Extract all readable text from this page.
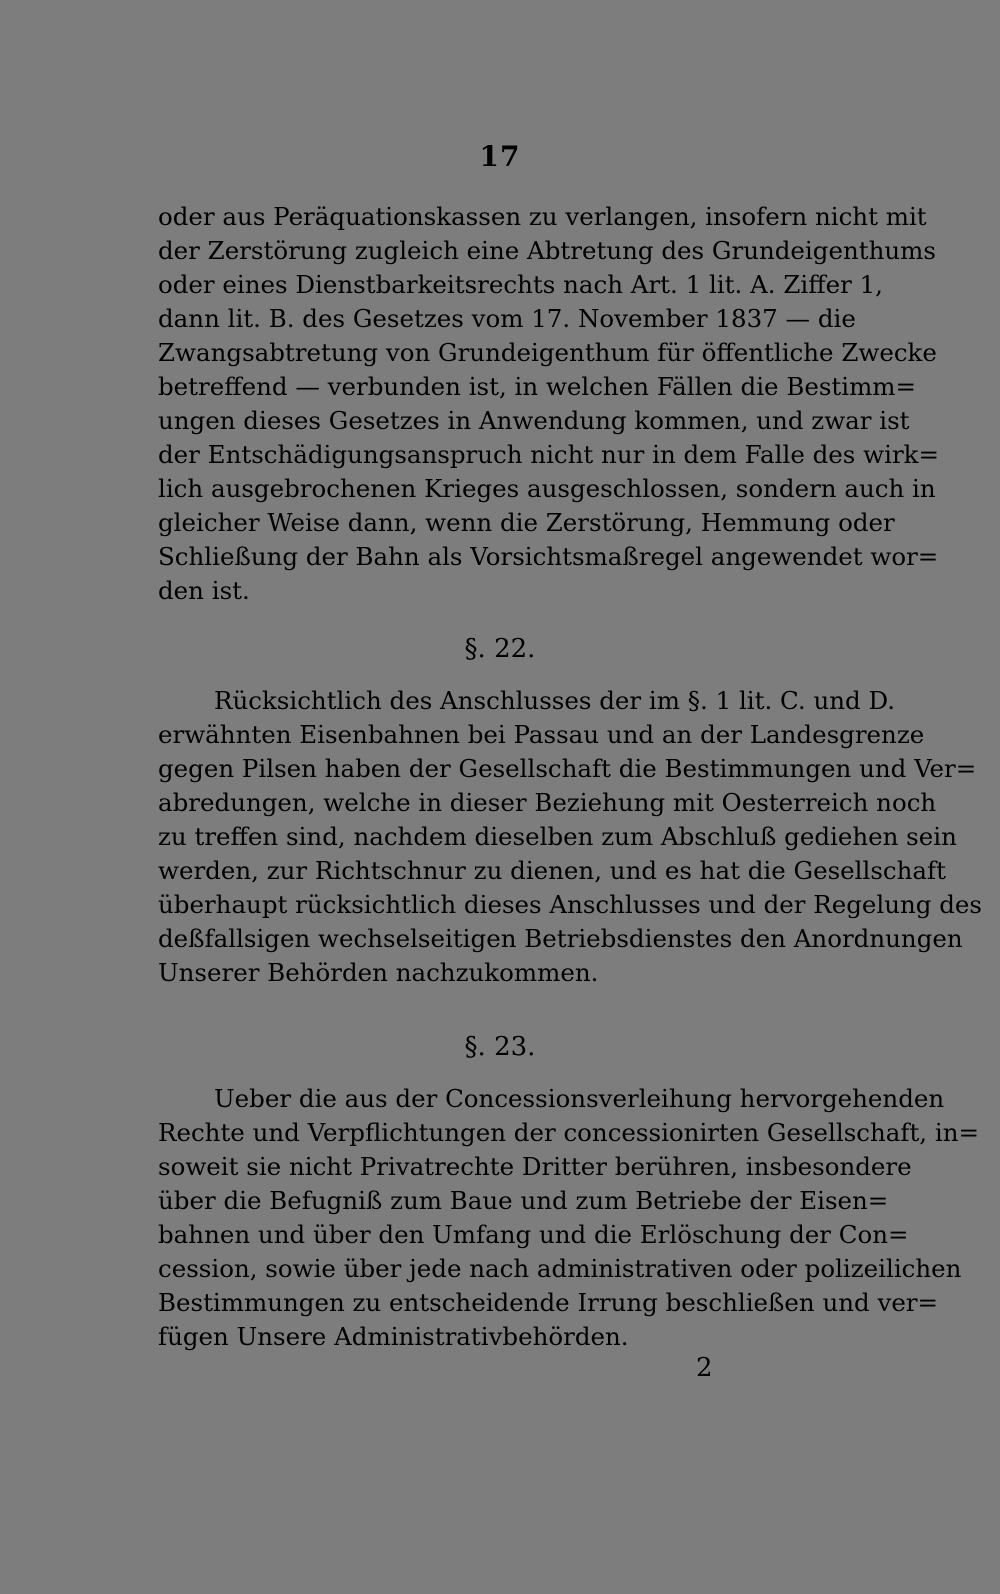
17
oder aus Peräquationskassen zu verlangen, insofern nicht mit
der Zerstörung zugleich eine Abtretung des Grundeigenthums
oder eines Dienstbarkeitsrechts nach Art. 1 lit. A. Ziffer 1,
dann lit. B. des Gesetzes vom 17. November 1837 — die
Zwangsabtretung von Grundeigenthum für öffentliche Zwecke
betreffend — verbunden ist, in welchen Fällen die Bestimm=
ungen dieses Gesetzes in Anwendung kommen, und zwar ist
der Entschädigungsanspruch nicht nur in dem Falle des wirk=
lich ausgebrochenen Krieges ausgeschlossen, sondern auch in
gleicher Weise dann, wenn die Zerstörung, Hemmung oder
Schließung der Bahn als Vorsichtsmaßregel angewendet wor=
den ist.
§. 22.
Rücksichtlich des Anschlusses der im §. 1 lit. C. und D.
erwähnten Eisenbahnen bei Passau und an der Landesgrenze
gegen Pilsen haben der Gesellschaft die Bestimmungen und Ver=
abredungen, welche in dieser Beziehung mit Oesterreich noch
zu treffen sind, nachdem dieselben zum Abschluß gediehen sein
werden, zur Richtschnur zu dienen, und es hat die Gesellschaft
überhaupt rücksichtlich dieses Anschlusses und der Regelung des
deßfallsigen wechselseitigen Betriebsdienstes den Anordnungen
Unserer Behörden nachzukommen.
§. 23.
Ueber die aus der Concessionsverleihung hervorgehenden
Rechte und Verpflichtungen der concessionirten Gesellschaft, in=
soweit sie nicht Privatrechte Dritter berühren, insbesondere
über die Befugniß zum Baue und zum Betriebe der Eisen=
bahnen und über den Umfang und die Erlöschung der Con=
cession, sowie über jede nach administrativen oder polizeilichen
Bestimmungen zu entscheidende Irrung beschließen und ver=
fügen Unsere Administrativbehörden.
2
